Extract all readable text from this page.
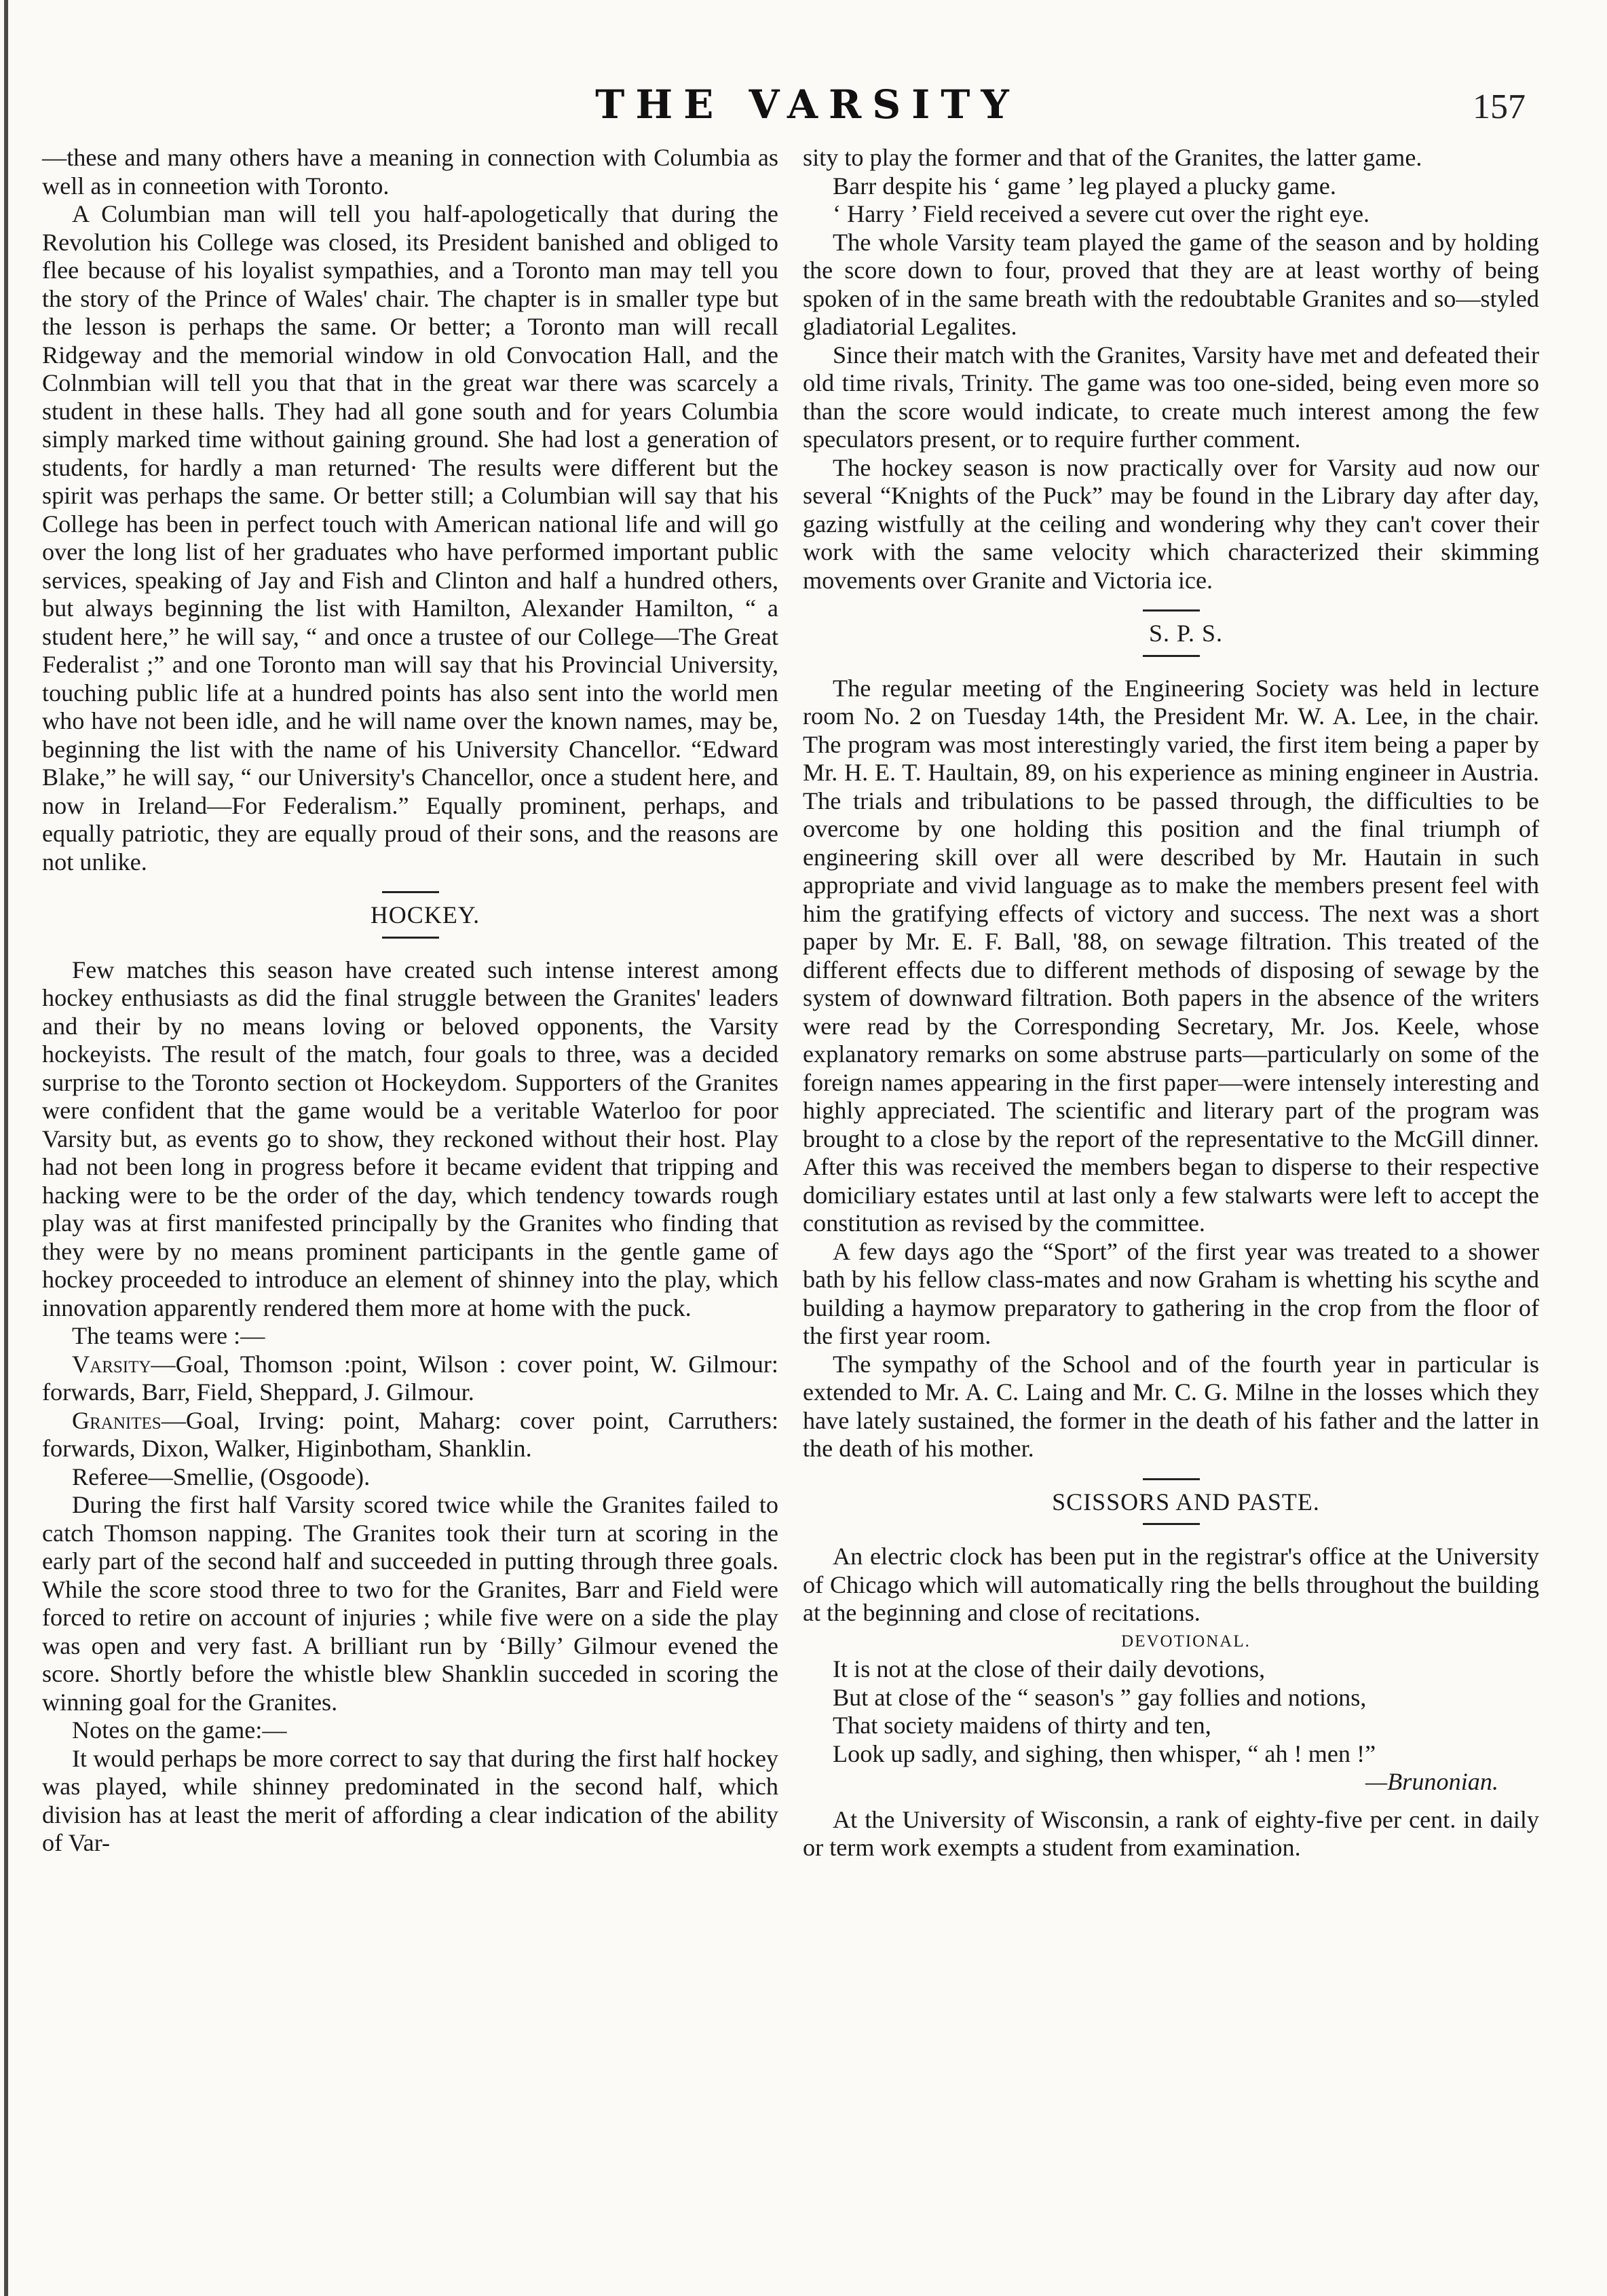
THE VARSITY	157

—these and many others have a meaning in connection with Columbia as well as in conneetion with Toronto.

A Columbian man will tell you half-apologetically that during the Revolution his College was closed, its President banished and obliged to flee because of his loyalist sympathies, and a Toronto man may tell you the story of the Prince of Wales' chair. The chapter is in smaller type but the lesson is perhaps the same. Or better; a Toronto man will recall Ridgeway and the memorial window in old Convocation Hall, and the Colnmbian will tell you that that in the great war there was scarcely a student in these halls. They had all gone south and for years Columbia simply marked time without gaining ground. She had lost a generation of students, for hardly a man returned· The results were different but the spirit was perhaps the same. Or better still; a Columbian will say that his College has been in perfect touch with American national life and will go over the long list of her graduates who have performed important public services, speaking of Jay and Fish and Clinton and half a hundred others, but always beginning the list with Hamilton, Alexander Hamilton, “ a student here,” he will say, “ and once a trustee of our College—The Great Federalist ;” and one Toronto man will say that his Provincial University, touching public life at a hundred points has also sent into the world men who have not been idle, and he will name over the known names, may be, beginning the list with the name of his University Chancellor. “Edward Blake,” he will say, “ our University's Chancellor, once a student here, and now in Ireland—For Federalism.” Equally prominent, perhaps, and equally patriotic, they are equally proud of their sons, and the reasons are not unlike.

HOCKEY.

Few matches this season have created such intense interest among hockey enthusiasts as did the final struggle between the Granites' leaders and their by no means loving or beloved opponents, the Varsity hockeyists. The result of the match, four goals to three, was a decided surprise to the Toronto section ot Hockeydom. Supporters of the Granites were confident that the game would be a veritable Waterloo for poor Varsity but, as events go to show, they reckoned without their host. Play had not been long in progress before it became evident that tripping and hacking were to be the order of the day, which tendency towards rough play was at first manifested principally by the Granites who finding that they were by no means prominent participants in the gentle game of hockey proceeded to introduce an element of shinney into the play, which innovation apparently rendered them more at home with the puck.

The teams were :—

Varsity—Goal, Thomson :point, Wilson : cover point, W. Gilmour: forwards, Barr, Field, Sheppard, J. Gilmour.

Granites—Goal, Irving: point, Maharg: cover point, Carruthers: forwards, Dixon, Walker, Higinbotham, Shanklin.

Referee—Smellie, (Osgoode).

During the first half Varsity scored twice while the Granites failed to catch Thomson napping. The Granites took their turn at scoring in the early part of the second half and succeeded in putting through three goals. While the score stood three to two for the Granites, Barr and Field were forced to retire on account of injuries ; while five were on a side the play was open and very fast. A brilliant run by ‘Billy’ Gilmour evened the score. Shortly before the whistle blew Shanklin succeded in scoring the winning goal for the Granites.

Notes on the game:—

It would perhaps be more correct to say that during the first half hockey was played, while shinney predominated in the second half, which division has at least the merit of affording a clear indication of the ability of Var-

sity to play the former and that of the Granites, the latter game.

Barr despite his ‘ game ’ leg played a plucky game.

‘ Harry ’ Field received a severe cut over the right eye.

The whole Varsity team played the game of the season and by holding the score down to four, proved that they are at least worthy of being spoken of in the same breath with the redoubtable Granites and so—styled gladiatorial Legalites.

Since their match with the Granites, Varsity have met and defeated their old time rivals, Trinity. The game was too one-sided, being even more so than the score would indicate, to create much interest among the few speculators present, or to require further comment.

The hockey season is now practically over for Varsity aud now our several “Knights of the Puck” may be found in the Library day after day, gazing wistfully at the ceiling and wondering why they can't cover their work with the same velocity which characterized their skimming movements over Granite and Victoria ice.

S. P. S.

The regular meeting of the Engineering Society was held in lecture room No. 2 on Tuesday 14th, the President Mr. W. A. Lee, in the chair. The program was most interestingly varied, the first item being a paper by Mr. H. E. T. Haultain, 89, on his experience as mining engineer in Austria. The trials and tribulations to be passed through, the difficulties to be overcome by one holding this position and the final triumph of engineering skill over all were described by Mr. Hautain in such appropriate and vivid language as to make the members present feel with him the gratifying effects of victory and success. The next was a short paper by Mr. E. F. Ball, '88, on sewage filtration. This treated of the different effects due to different methods of disposing of sewage by the system of downward filtration. Both papers in the absence of the writers were read by the Corresponding Secretary, Mr. Jos. Keele, whose explanatory remarks on some abstruse parts—particularly on some of the foreign names appearing in the first paper—were intensely interesting and highly appreciated. The scientific and literary part of the program was brought to a close by the report of the representative to the McGill dinner. After this was received the members began to disperse to their respective domiciliary estates until at last only a few stalwarts were left to accept the constitution as revised by the committee.

A few days ago the “Sport” of the first year was treated to a shower bath by his fellow class-mates and now Graham is whetting his scythe and building a haymow preparatory to gathering in the crop from the floor of the first year room.

The sympathy of the School and of the fourth year in particular is extended to Mr. A. C. Laing and Mr. C. G. Milne in the losses which they have lately sustained, the former in the death of his father and the latter in the death of his mother.

SCISSORS AND PASTE.

An electric clock has been put in the registrar's office at the University of Chicago which will automatically ring the bells throughout the building at the beginning and close of recitations.

DEVOTIONAL.

It is not at the close of their daily devotions,
But at close of the “ season's ” gay follies and notions,
That society maidens of thirty and ten,
Look up sadly, and sighing, then whisper, “ ah ! men !”
—Brunonian.

At the University of Wisconsin, a rank of eighty-five per cent. in daily or term work exempts a student from examination.
